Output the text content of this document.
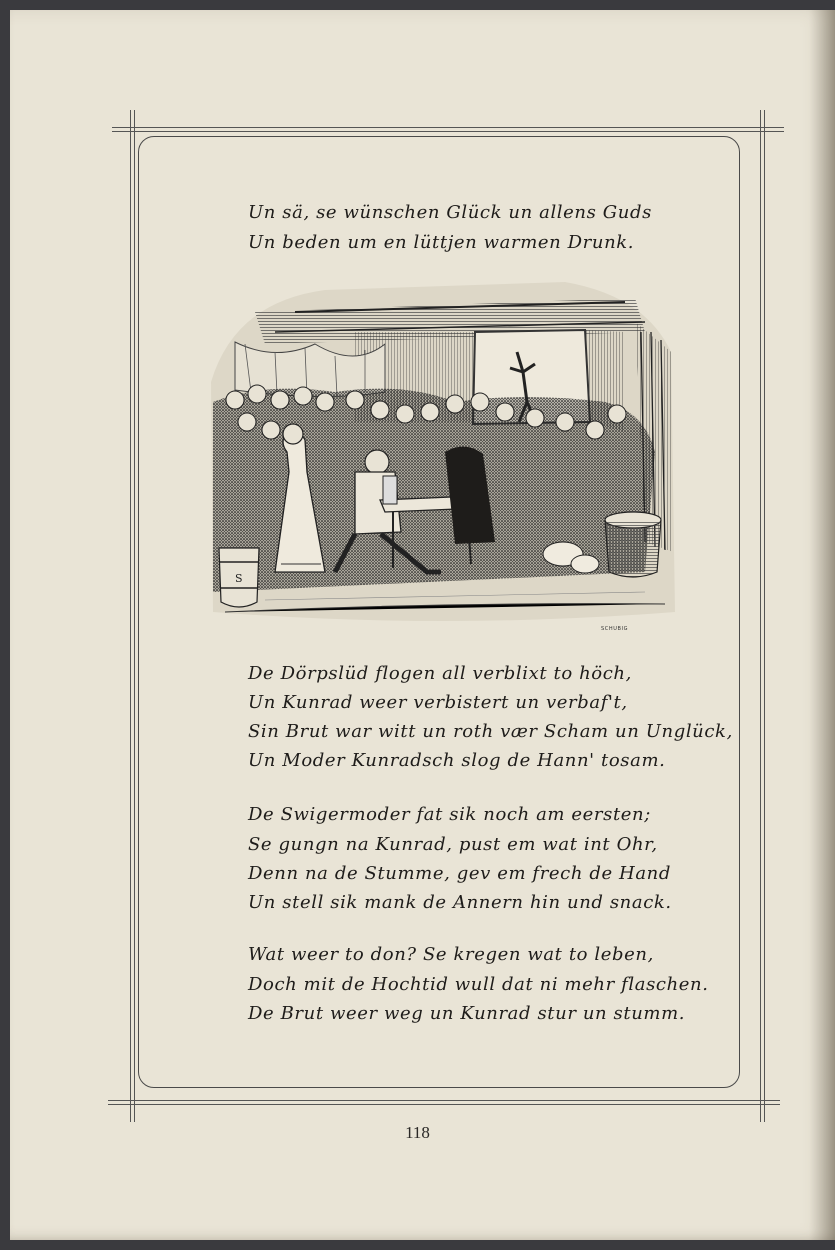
Un sä, se wünschen Glück un allens Guds
Un beden um en lüttjen warmen Drunk.
S
SCHUBIG
De Dörpslüd flogen all verblixt to höch,
Un Kunrad weer verbistert un verbaf't,
Sin Brut war witt un roth vær Scham un Unglück,
Un Moder Kunradsch slog de Hann' tosam.
De Swigermoder fat sik noch am eersten;
Se gungn na Kunrad, pust em wat int Ohr,
Denn na de Stumme, gev em frech de Hand
Un stell sik mank de Annern hin und snack.
Wat weer to don? Se kregen wat to leben,
Doch mit de Hochtid wull dat ni mehr flaschen.
De Brut weer weg un Kunrad stur un stumm.
118
